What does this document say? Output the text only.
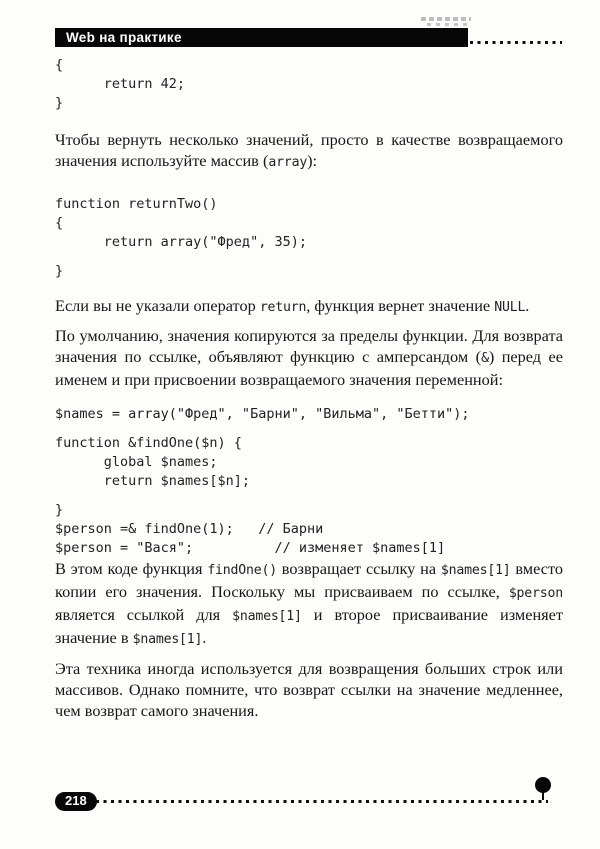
Web на практике
{
return 42;
}

Чтобы вернуть несколько значений, просто в качестве возвращаемого значения используйте массив (array):

function returnTwo()
{
return array("Фред", 35);
}

Если вы не указали оператор return, функция вернет значение NULL.

По умолчанию, значения копируются за пределы функции. Для возврата значения по ссылке, объявляют функцию с амперсандом (&) перед ее именем и при присвоении возвращаемого значения переменной:

$names = array("Фред", "Барни", "Вильма", "Бетти");
function &findOne($n) {
global $names;
return $names[$n];
}
$person =& findOne(1);   // Барни
$person = "Вася";          // изменяет $names[1]

В этом коде функция findOne() возвращает ссылку на $names[1] вместо копии его значения. Поскольку мы присваиваем по ссылке, $person является ссылкой для $names[1] и второе присваивание изменяет значение в $names[1].

Эта техника иногда используется для возвращения больших строк или массивов. Однако помните, что возврат ссылки на значение медленнее, чем возврат самого значения.

218
